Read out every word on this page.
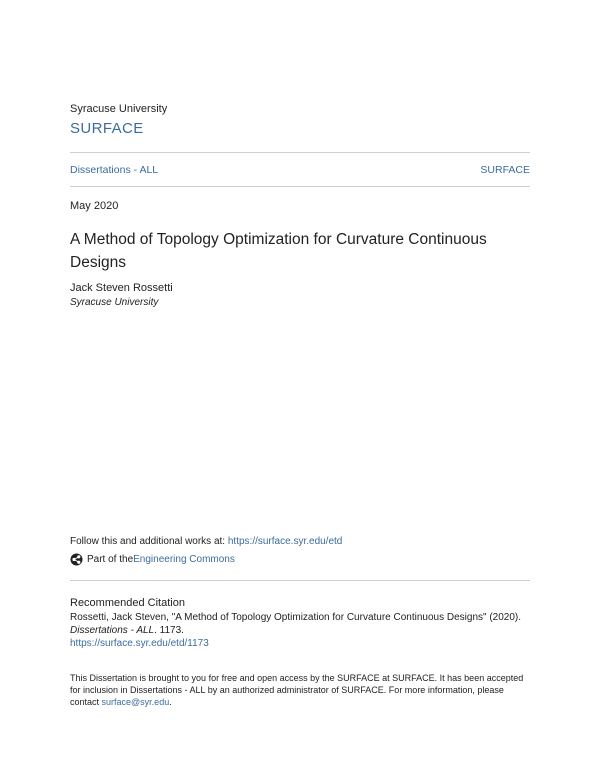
Syracuse University
SURFACE
Dissertations - ALL	SURFACE
May 2020
A Method of Topology Optimization for Curvature Continuous Designs
Jack Steven Rossetti
Syracuse University
Follow this and additional works at: https://surface.syr.edu/etd
Part of the Engineering Commons
Recommended Citation
Rossetti, Jack Steven, "A Method of Topology Optimization for Curvature Continuous Designs" (2020).
Dissertations - ALL. 1173.
https://surface.syr.edu/etd/1173
This Dissertation is brought to you for free and open access by the SURFACE at SURFACE. It has been accepted for inclusion in Dissertations - ALL by an authorized administrator of SURFACE. For more information, please contact surface@syr.edu.
